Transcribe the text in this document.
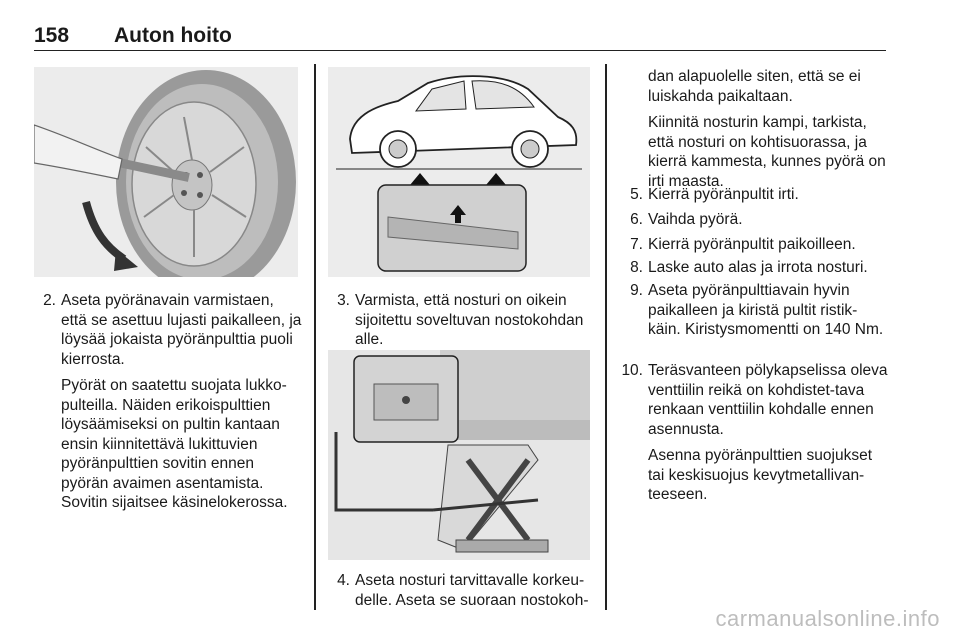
158 Auton hoito
2. Aseta pyöränavain varmistaen, että se asettuu lujasti paikalleen, ja löysää jokaista pyöränpulttia puoli kierrosta.
Pyörät on saatettu suojata lukko-pulteilla. Näiden erikoispulttien löysäämiseksi on pultin kantaan ensin kiinnitettävä lukittuvien pyöränpulttien sovitin ennen pyörän avaimen asentamista. Sovitin sijaitsee käsinelokerossa.
3. Varmista, että nosturi on oikein sijoitettu soveltuvan nostokohdan alle.
4. Aseta nosturi tarvittavalle korkeu-delle. Aseta se suoraan nostokoh-
dan alapuolelle siten, että se ei luiskahda paikaltaan.
Kiinnitä nosturin kampi, tarkista, että nosturi on kohtisuorassa, ja kierrä kammesta, kunnes pyörä on irti maasta.
5. Kierrä pyöränpultit irti.
6. Vaihda pyörä.
7. Kierrä pyöränpultit paikoilleen.
8. Laske auto alas ja irrota nosturi.
9. Aseta pyöränpulttiavain hyvin paikalleen ja kiristä pultit ristik-käin. Kiristysmomentti on 140 Nm.
10. Teräsvanteen pölykapselissa oleva venttiilin reikä on kohdistet-tava renkaan venttiilin kohdalle ennen asennusta.
Asenna pyöränpulttien suojukset tai keskisuojus kevytmetallivan-teeseen.
carmanualsonline.info
